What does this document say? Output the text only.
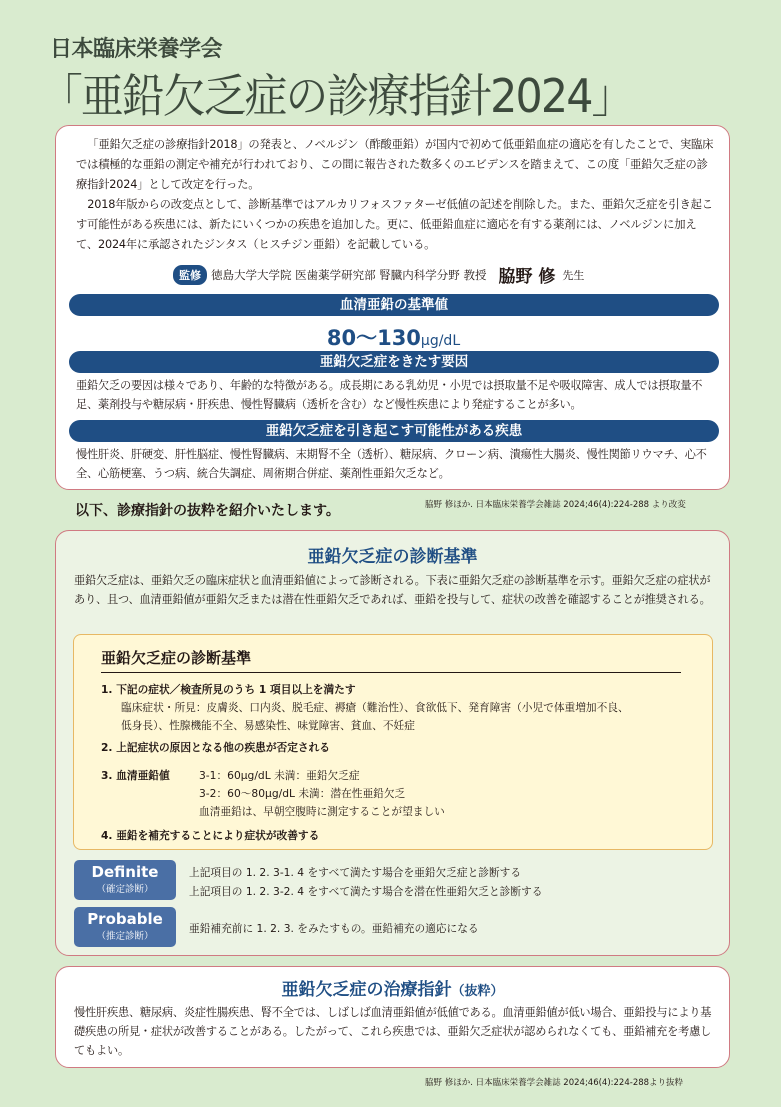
日本臨床栄養学会
「亜鉛欠乏症の診療指針2024」

「亜鉛欠乏症の診療指針2018」の発表と、ノベルジン（酢酸亜鉛）が国内で初めて低亜鉛血症の適応を有したことで、実臨床では積極的な亜鉛の測定や補充が行われており、この間に報告された数多くのエビデンスを踏まえて、この度「亜鉛欠乏症の診療指針2024」として改定を行った。

2018年版からの改変点として、診断基準ではアルカリフォスファターゼ低値の記述を削除した。また、亜鉛欠乏症を引き起こす可能性がある疾患には、新たにいくつかの疾患を追加した。更に、低亜鉛血症に適応を有する薬剤には、ノベルジンに加えて、2024年に承認されたジンタス（ヒスチジン亜鉛）を記載している。

監修 徳島大学大学院 医歯薬学研究部 腎臓内科学分野 教授 脇野 修 先生
血清亜鉛の基準値
80～130μg/dL
亜鉛欠乏症をきたす要因
亜鉛欠乏の要因は様々であり、年齢的な特徴がある。成長期にある乳幼児・小児では摂取量不足や吸収障害、成人では摂取量不足、薬剤投与や糖尿病・肝疾患、慢性腎臓病（透析を含む）など慢性疾患により発症することが多い。
亜鉛欠乏症を引き起こす可能性がある疾患
慢性肝炎、肝硬変、肝性脳症、慢性腎臓病、末期腎不全（透析）、糖尿病、クローン病、潰瘍性大腸炎、慢性関節リウマチ、心不全、心筋梗塞、うつ病、統合失調症、周術期合併症、薬剤性亜鉛欠乏など。
以下、診療指針の抜粋を紹介いたします。	脇野 修ほか. 日本臨床栄養学会雑誌 2024;46(4):224-288 より改変
亜鉛欠乏症の診断基準
亜鉛欠乏症は、亜鉛欠乏の臨床症状と血清亜鉛値によって診断される。下表に亜鉛欠乏症の診断基準を示す。亜鉛欠乏症の症状があり、且つ、血清亜鉛値が亜鉛欠乏または潜在性亜鉛欠乏であれば、亜鉛を投与して、症状の改善を確認することが推奨される。
亜鉛欠乏症の診断基準
1. 下記の症状／検査所見のうち 1 項目以上を満たす
臨床症状・所見：皮膚炎、口内炎、脱毛症、褥瘡（難治性）、食欲低下、発育障害（小児で体重増加不良、
低身長）、性腺機能不全、易感染性、味覚障害、貧血、不妊症
2. 上記症状の原因となる他の疾患が否定される
3. 血清亜鉛値	3-1：60μg/dL 未満：亜鉛欠乏症
3-2：60～80μg/dL 未満：潜在性亜鉛欠乏
血清亜鉛は、早朝空腹時に測定することが望ましい
4. 亜鉛を補充することにより症状が改善する
Definite
（確定診断）
上記項目の 1. 2. 3-1. 4 をすべて満たす場合を亜鉛欠乏症と診断する
上記項目の 1. 2. 3-2. 4 をすべて満たす場合を潜在性亜鉛欠乏と診断する
Probable
（推定診断）
亜鉛補充前に 1. 2. 3. をみたすもの。亜鉛補充の適応になる
亜鉛欠乏症の治療指針（抜粋）
慢性肝疾患、糖尿病、炎症性腸疾患、腎不全では、しばしば血清亜鉛値が低値である。血清亜鉛値が低い場合、亜鉛投与により基礎疾患の所見・症状が改善することがある。したがって、これら疾患では、亜鉛欠乏症状が認められなくても、亜鉛補充を考慮してもよい。
脇野 修ほか. 日本臨床栄養学会雑誌 2024;46(4):224-288より抜粋
